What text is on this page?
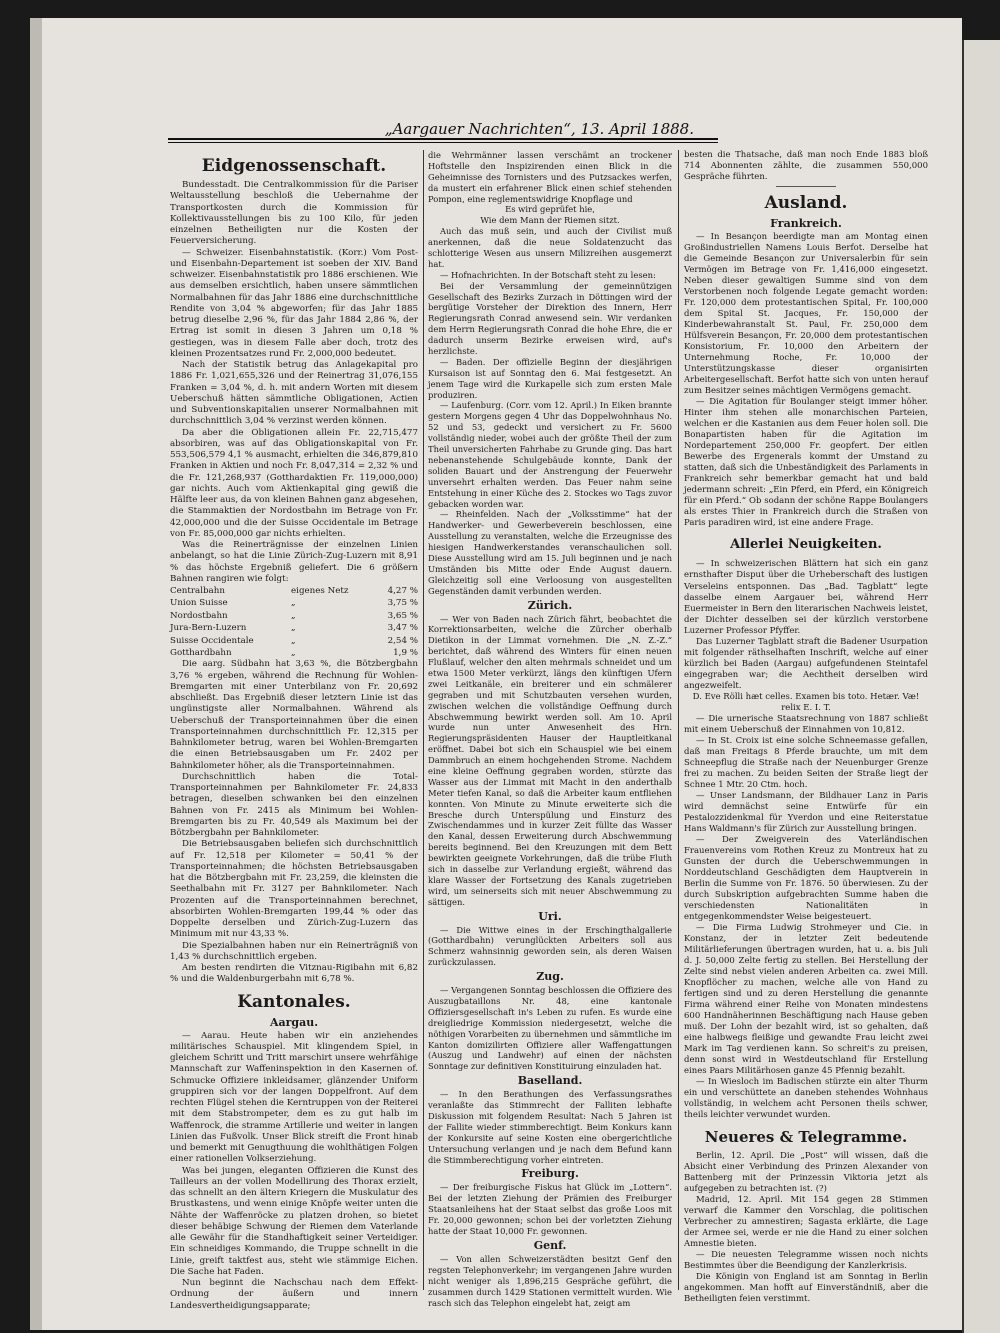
„Aargauer Nachrichten“, 13. April 1888.
Eidgenossenschaft.

Bundesstadt. Die Centralkommission für die Pariser Weltausstellung beschloß die Uebernahme der Transportkosten durch die Kommission für Kollektivausstellungen bis zu 100 Kilo, für jeden einzelnen Betheiligten nur die Kosten der Feuerversicherung.

— Schweizer. Eisenbahnstatistik. (Korr.) Vom Post- und Eisenbahn-Departement ist soeben der XIV. Band schweizer. Eisenbahnstatistik pro 1886 erschienen. Wie aus demselben ersichtlich, haben unsere sämmtlichen Normalbahnen für das Jahr 1886 eine durchschnittliche Rendite von 3,04 % abgeworfen; für das Jahr 1885 betrug dieselbe 2,96 %, für das Jahr 1884 2,86 %, der Ertrag ist somit in diesen 3 Jahren um 0,18 % gestiegen, was in diesem Falle aber doch, trotz des kleinen Prozentsatzes rund Fr. 2,000,000 bedeutet.

Nach der Statistik betrug das Anlagekapital pro 1886 Fr. 1,021,655,326 und der Reinertrag 31,076,155 Franken = 3,04 %, d. h. mit andern Worten mit diesem Ueberschuß hätten sämmtliche Obligationen, Actien und Subventionskapitalien unserer Normalbahnen mit durchschnittlich 3,04 % verzinst werden können.

Da aber die Obligationen allein Fr. 22,715,477 absorbiren, was auf das Obligationskapital von Fr. 553,506,579 4,1 % ausmacht, erhielten die 346,879,810 Franken in Aktien und noch Fr. 8,047,314 = 2,32 % und die Fr. 121,268,937 (Gotthardaktien Fr. 119,000,000) gar nichts. Auch vom Aktienkapital ging gewiß die Hälfte leer aus, da von kleinen Bahnen ganz abgesehen, die Stammaktien der Nordostbahn im Betrage von Fr. 42,000,000 und die der Suisse Occidentale im Betrage von Fr. 85,000,000 gar nichts erhielten.

Was die Reinerträgnisse der einzelnen Linien anbelangt, so hat die Linie Zürich-Zug-Luzern mit 8,91 % das höchste Ergebniß geliefert. Die 6 größern Bahnen rangiren wie folgt:

Centralbahn	eigenes Netz	4,27 %
Union Suisse	„	3,75 %
Nordostbahn	„	3,65 %
Jura-Bern-Luzern	„	3,47 %
Suisse Occidentale	„	2,54 %
Gotthardbahn	„	1,9 %

Die aarg. Südbahn hat 3,63 %, die Bötzbergbahn 3,76 % ergeben, während die Rechnung für Wohlen-Bremgarten mit einer Unterbilanz von Fr. 20,692 abschließt. Das Ergebniß dieser letztern Linie ist das ungünstigste aller Normalbahnen. Während als Ueberschuß der Transporteinnahmen über die einen Transporteinnahmen durchschnittlich Fr. 12,315 per Bahnkilometer betrug, waren bei Wohlen-Bremgarten die einen Betriebsausgaben um Fr. 2402 per Bahnkilometer höher, als die Transporteinnahmen.

Durchschnittlich haben die Total-Transporteinnahmen per Bahnkilometer Fr. 24,833 betragen, dieselben schwanken bei den einzelnen Bahnen von Fr. 2415 als Minimum bei Wohlen-Bremgarten bis zu Fr. 40,549 als Maximum bei der Bötzbergbahn per Bahnkilometer.

Die Betriebsausgaben beliefen sich durchschnittlich auf Fr. 12,518 per Kilometer = 50,41 % der Transporteinnahmen; die höchsten Betriebsausgaben hat die Bötzbergbahn mit Fr. 23,259, die kleinsten die Seethalbahn mit Fr. 3127 per Bahnkilometer. Nach Prozenten auf die Transporteinnahmen berechnet, absorbirten Wohlen-Bremgarten 199,44 % oder das Doppelte derselben und Zürich-Zug-Luzern das Minimum mit nur 43,33 %.

Die Spezialbahnen haben nur ein Reinerträgniß von 1,43 % durchschnittlich ergeben.

Am besten rendirten die Vitznau-Rigibahn mit 6,82 % und die Waldenburgerbahn mit 6,78 %.

Kantonales.
Aargau.

— Aarau. Heute haben wir ein anziehendes militärisches Schauspiel. Mit klingendem Spiel, in gleichem Schritt und Tritt marschirt unsere wehrfähige Mannschaft zur Waffeninspektion in den Kasernen of. Schmucke Offiziere inkleidsamer, glänzender Uniform gruppiren sich vor der langen Doppelfront. Auf dem rechten Flügel stehen die Kerntruppen von der Reiterei mit dem Stabstrompeter, dem es zu gut halb im Waffenrock, die stramme Artillerie und weiter in langen Linien das Fußvolk. Unser Blick streift die Front hinab und bemerkt mit Genugthuung die wohlthätigen Folgen einer rationellen Volkserziehung.

Was bei jungen, eleganten Offizieren die Kunst des Tailleurs an der vollen Modellirung des Thorax erzielt, das schnellt an den ältern Kriegern die Muskulatur des Brustkastens, und wenn einige Knöpfe weiter unten die Nähte der Waffenröcke zu platzen drohen, so bietet dieser behäbige Schwung der Riemen dem Vaterlande alle Gewähr für die Standhaftigkeit seiner Verteidiger. Ein schneidiges Kommando, die Truppe schnellt in die Linie, greift taktfest aus, steht wie stämmige Eichen. Die Sache hat Faden.

Nun beginnt die Nachschau nach dem Effekt-Ordnung der äußern und innern Landesvertheidigungsapparate;

die Wehrmänner lassen verschämt an trockener Hoftstelle den Inspizirenden einen Blick in die Geheimnisse des Tornisters und des Putzsackes werfen, da mustert ein erfahrener Blick einen schief stehenden Pompon, eine reglementswidrige Knopflage und

Es wird geprüfet hie,

Wie dem Mann der Riemen sitzt.

Auch das muß sein, und auch der Civilist muß anerkennen, daß die neue Soldatenzucht das schlotterige Wesen aus unsern Milizreihen ausgemerzt hat.

— Hofnachrichten. In der Botschaft steht zu lesen:

Bei der Versammlung der gemeinnützigen Gesellschaft des Bezirks Zurzach in Döttingen wird der bergütige Vorsteher der Direktion des Innern, Herr Regierungsrath Conrad anwesend sein. Wir verdanken dem Herrn Regierungsrath Conrad die hohe Ehre, die er dadurch unserm Bezirke erweisen wird, auf's herzlichste.

— Baden. Der offizielle Beginn der diesjährigen Kursaison ist auf Sonntag den 6. Mai festgesetzt. An jenem Tage wird die Kurkapelle sich zum ersten Male produziren.

— Laufenburg. (Corr. vom 12. April.) In Eiken brannte gestern Morgens gegen 4 Uhr das Doppelwohnhaus No. 52 und 53, gedeckt und versichert zu Fr. 5600 vollständig nieder, wobei auch der größte Theil der zum Theil unversicherten Fahrhabe zu Grunde ging. Das hart nebenanstehende Schulgebäude konnte, Dank der soliden Bauart und der Anstrengung der Feuerwehr unversehrt erhalten werden. Das Feuer nahm seine Entstehung in einer Küche des 2. Stockes wo Tags zuvor gebacken worden war.

— Rheinfelden. Nach der „Volksstimme“ hat der Handwerker- und Gewerbeverein beschlossen, eine Ausstellung zu veranstalten, welche die Erzeugnisse des hiesigen Handwerkerstandes veranschaulichen soll. Diese Ausstellung wird am 15. Juli beginnen und je nach Umständen bis Mitte oder Ende August dauern. Gleichzeitig soll eine Verloosung von ausgestellten Gegenständen damit verbunden werden.

Zürich.

— Wer von Baden nach Zürich fährt, beobachtet die Korrektionsarbeiten, welche die Zürcher oberhalb Dietikon in der Limmat vornehmen. Die „N. Z.-Z.“ berichtet, daß während des Winters für einen neuen Flußlauf, welcher den alten mehrmals schneidet und um etwa 1500 Meter verkürzt, längs den künftigen Ufern zwei Leitkanäle, ein breiterer und ein schmälerer gegraben und mit Schutzbauten versehen wurden, zwischen welchen die vollständige Oeffnung durch Abschwemmung bewirkt werden soll. Am 10. April wurde nun unter Anwesenheit des Hrn. Regierungspräsidenten Hauser der Hauptleitkanal eröffnet. Dabei bot sich ein Schauspiel wie bei einem Dammbruch an einem hochgehenden Strome. Nachdem eine kleine Oeffnung gegraben worden, stürzte das Wasser aus der Limmat mit Macht in den anderthalb Meter tiefen Kanal, so daß die Arbeiter kaum entfliehen konnten. Von Minute zu Minute erweiterte sich die Bresche durch Unterspülung und Einsturz des Zwischendammes und in kurzer Zeit füllte das Wasser den Kanal, dessen Erweiterung durch Abschwemmung bereits beginnend. Bei den Kreuzungen mit dem Bett bewirkten geeignete Vorkehrungen, daß die trübe Fluth sich in dasselbe zur Verlandung ergießt, während das klare Wasser der Fortsetzung des Kanals zugetrieben wird, um seinerseits sich mit neuer Abschwemmung zu sättigen.

Uri.

— Die Wittwe eines in der Erschingthalgallerie (Gotthardbahn) verunglückten Arbeiters soll aus Schmerz wahnsinnig geworden sein, als deren Waisen zurückzulassen.

Zug.

— Vergangenen Sonntag beschlossen die Offiziere des Auszugbataillons Nr. 48, eine kantonale Offiziersgesellschaft in's Leben zu rufen. Es wurde eine dreigliedrige Kommission niedergesetzt, welche die nöthigen Vorarbeiten zu übernehmen und sämmtliche im Kanton domizilirten Offiziere aller Waffengattungen (Auszug und Landwehr) auf einen der nächsten Sonntage zur definitiven Konstituirung einzuladen hat.

Baselland.

— In den Berathungen des Verfassungsrathes veranlaßte das Stimmrecht der Falliten lebhafte Diskussion mit folgendem Resultat: Nach 5 Jahren ist der Fallite wieder stimmberechtigt. Beim Konkurs kann der Konkursite auf seine Kosten eine obergerichtliche Untersuchung verlangen und je nach dem Befund kann die Stimmberechtigung vorher eintreten.

Freiburg.

— Der freiburgische Fiskus hat Glück im „Lottern“. Bei der letzten Ziehung der Prämien des Freiburger Staatsanleihens hat der Staat selbst das große Loos mit Fr. 20,000 gewonnen; schon bei der vorletzten Ziehung hatte der Staat 10,000 Fr. gewonnen.

Genf.

— Von allen Schweizerstädten besitzt Genf den regsten Telephonverkehr; im vergangenen Jahre wurden nicht weniger als 1,896,215 Gespräche geführt, die zusammen durch 1429 Stationen vermittelt wurden. Wie rasch sich das Telephon eingelebt hat, zeigt am

besten die Thatsache, daß man noch Ende 1883 bloß 714 Abonnenten zählte, die zusammen 550,000 Gespräche führten.

Ausland.
Frankreich.

— In Besançon beerdigte man am Montag einen Großindustriellen Namens Louis Berfot. Derselbe hat die Gemeinde Besançon zur Universalerbin für sein Vermögen im Betrage von Fr. 1,416,000 eingesetzt. Neben dieser gewaltigen Summe sind von dem Verstorbenen noch folgende Legate gemacht worden: Fr. 120,000 dem protestantischen Spital, Fr. 100,000 dem Spital St. Jacques, Fr. 150,000 der Kinderbewahranstalt St. Paul, Fr. 250,000 dem Hülfsverein Besançon, Fr. 20,000 dem protestantischen Konsistorium, Fr. 10,000 den Arbeitern der Unternehmung Roche, Fr. 10,000 der Unterstützungskasse dieser organisirten Arbeitergesellschaft. Berfot hatte sich von unten herauf zum Besitzer seines mächtigen Vermögens gemacht.

— Die Agitation für Boulanger steigt immer höher. Hinter ihm stehen alle monarchischen Parteien, welchen er die Kastanien aus dem Feuer holen soll. Die Bonapartisten haben für die Agitation im Nordepartement 250,000 Fr. geopfert. Der eitlen Bewerbe des Ergenerals kommt der Umstand zu statten, daß sich die Unbeständigkeit des Parlaments in Frankreich sehr bemerkbar gemacht hat und bald jedermann schreit: „Ein Pferd, ein Pferd, ein Königreich für ein Pferd.“ Ob sodann der schöne Rappe Boulangers als erstes Thier in Frankreich durch die Straßen von Paris paradiren wird, ist eine andere Frage.

Allerlei Neuigkeiten.

— In schweizerischen Blättern hat sich ein ganz ernsthafter Disput über die Urheberschaft des lustigen Verseleins entsponnen. Das „Bad. Tagblatt“ legte dasselbe einem Aargauer bei, während Herr Euermeister in Bern den literarischen Nachweis leistet, der Dichter desselben sei der kürzlich verstorbene Luzerner Professor Pfyffer.

Das Luzerner Tagblatt straft die Badener Usurpation mit folgender räthselhaften Inschrift, welche auf einer kürzlich bei Baden (Aargau) aufgefundenen Steintafel eingegraben war; die Aechtheit derselben wird angezweifelt.

D. Eve Rölli hæt celles. Examen bis toto. Hetær. Væ! relix E. I. T.

— Die urnerische Staatsrechnung von 1887 schließt mit einem Ueberschuß der Einnahmen von 10,812.

— In St. Croix ist eine solche Schneemasse gefallen, daß man Freitags 8 Pferde brauchte, um mit dem Schneepflug die Straße nach der Neuenburger Grenze frei zu machen. Zu beiden Seiten der Straße liegt der Schnee 1 Mtr. 20 Ctm. hoch.

— Unser Landsmann, der Bildhauer Lanz in Paris wird demnächst seine Entwürfe für ein Pestalozzidenkmal für Yverdon und eine Reiterstatue Hans Waldmann's für Zürich zur Ausstellung bringen.

— Der Zweigverein des Vaterländischen Frauenvereins vom Rothen Kreuz zu Montreux hat zu Gunsten der durch die Ueberschwemmungen in Norddeutschland Geschädigten dem Hauptverein in Berlin die Summe von Fr. 1876. 50 überwiesen. Zu der durch Subskription aufgebrachten Summe haben die verschiedensten Nationalitäten in entgegenkommendster Weise beigesteuert.

— Die Firma Ludwig Strohmeyer und Cie. in Konstanz, der in letzter Zeit bedeutende Militärlieferungen übertragen wurden, hat u. a. bis Juli d. J. 50,000 Zelte fertig zu stellen. Bei Herstellung der Zelte sind nebst vielen anderen Arbeiten ca. zwei Mill. Knopflöcher zu machen, welche alle von Hand zu fertigen sind und zu deren Herstellung die genannte Firma während einer Reihe von Monaten mindestens 600 Handnäherinnen Beschäftigung nach Hause geben muß. Der Lohn der bezahlt wird, ist so gehalten, daß eine halbwegs fleißige und gewandte Frau leicht zwei Mark im Tag verdienen kann. So schreit's zu preisen, denn sonst wird in Westdeutschland für Erstellung eines Paars Militärhosen ganze 45 Pfennig bezahlt.

— In Wiesloch im Badischen stürzte ein alter Thurm ein und verschüttete an daneben stehendes Wohnhaus vollständig, in welchem acht Personen theils schwer, theils leichter verwundet wurden.

Neueres & Telegramme.

Berlin, 12. April. Die „Post“ will wissen, daß die Absicht einer Verbindung des Prinzen Alexander von Battenberg mit der Prinzessin Viktoria jetzt als aufgegeben zu betrachten ist. (?)

Madrid, 12. April. Mit 154 gegen 28 Stimmen verwarf die Kammer den Vorschlag, die politischen Verbrecher zu amnestiren; Sagasta erklärte, die Lage der Armee sei, werde er nie die Hand zu einer solchen Amnestie bieten.

— Die neuesten Telegramme wissen noch nichts Bestimmtes über die Beendigung der Kanzlerkrisis.

Die Königin von England ist am Sonntag in Berlin angekommen. Man hofft auf Einverständniß, aber die Betheiligten feien verstimmt.
